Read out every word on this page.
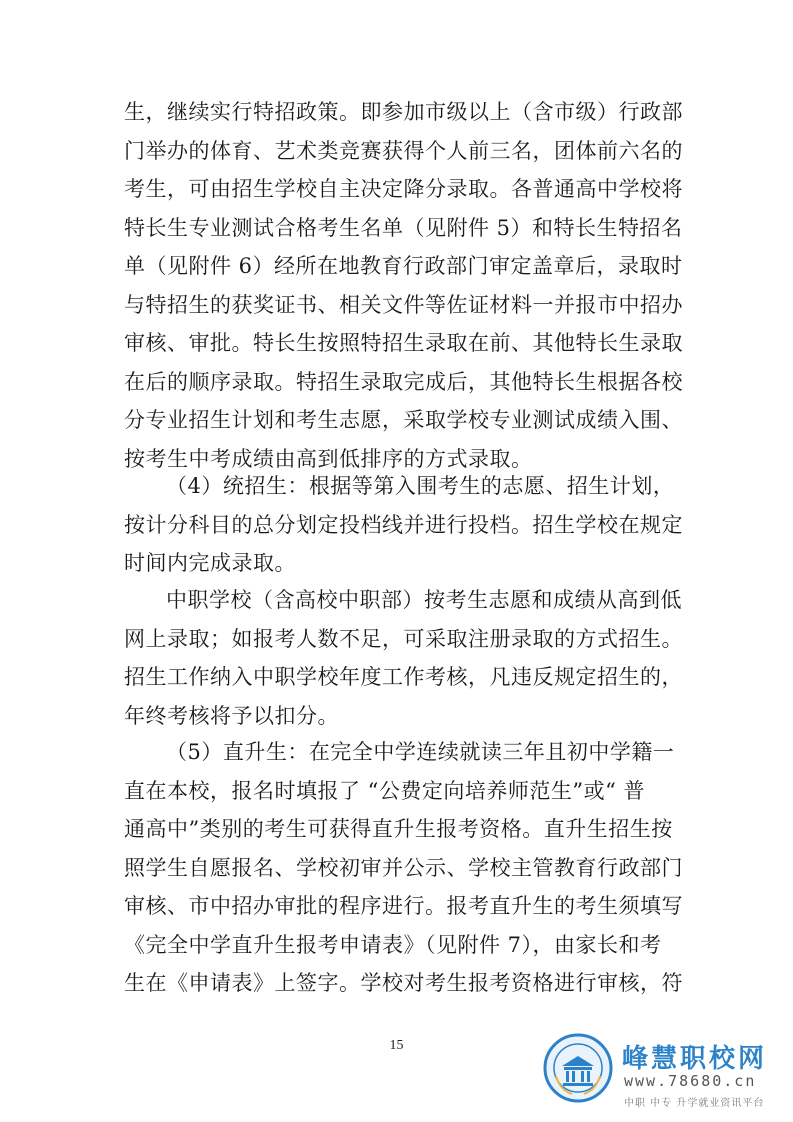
生，继续实行特招政策。即参加市级以上（含市级）行政部
门举办的体育、艺术类竞赛获得个人前三名，团体前六名的
考生，可由招生学校自主决定降分录取。各普通高中学校将
特长生专业测试合格考生名单（见附件 5）和特长生特招名
单（见附件 6）经所在地教育行政部门审定盖章后，录取时
与特招生的获奖证书、相关文件等佐证材料一并报市中招办
审核、审批。特长生按照特招生录取在前、其他特长生录取
在后的顺序录取。特招生录取完成后，其他特长生根据各校
分专业招生计划和考生志愿，采取学校专业测试成绩入围、
按考生中考成绩由高到低排序的方式录取。
（4）统招生：根据等第入围考生的志愿、招生计划，
按计分科目的总分划定投档线并进行投档。招生学校在规定
时间内完成录取。
中职学校（含高校中职部）按考生志愿和成绩从高到低
网上录取；如报考人数不足，可采取注册录取的方式招生。
招生工作纳入中职学校年度工作考核，凡违反规定招生的，
年终考核将予以扣分。
（5）直升生：在完全中学连续就读三年且初中学籍一
直在本校，报名时填报了 “公费定向培养师范生”或“ 普
通高中”类别的考生可获得直升生报考资格。直升生招生按
照学生自愿报名、学校初审并公示、学校主管教育行政部门
审核、市中招办审批的程序进行。报考直升生的考生须填写
《完全中学直升生报考申请表》（见附件 7），由家长和考
生在《申请表》上签字。学校对考生报考资格进行审核，符
15	峰慧职校网
www.78680.cn
中职 中专 升学就业资讯平台
